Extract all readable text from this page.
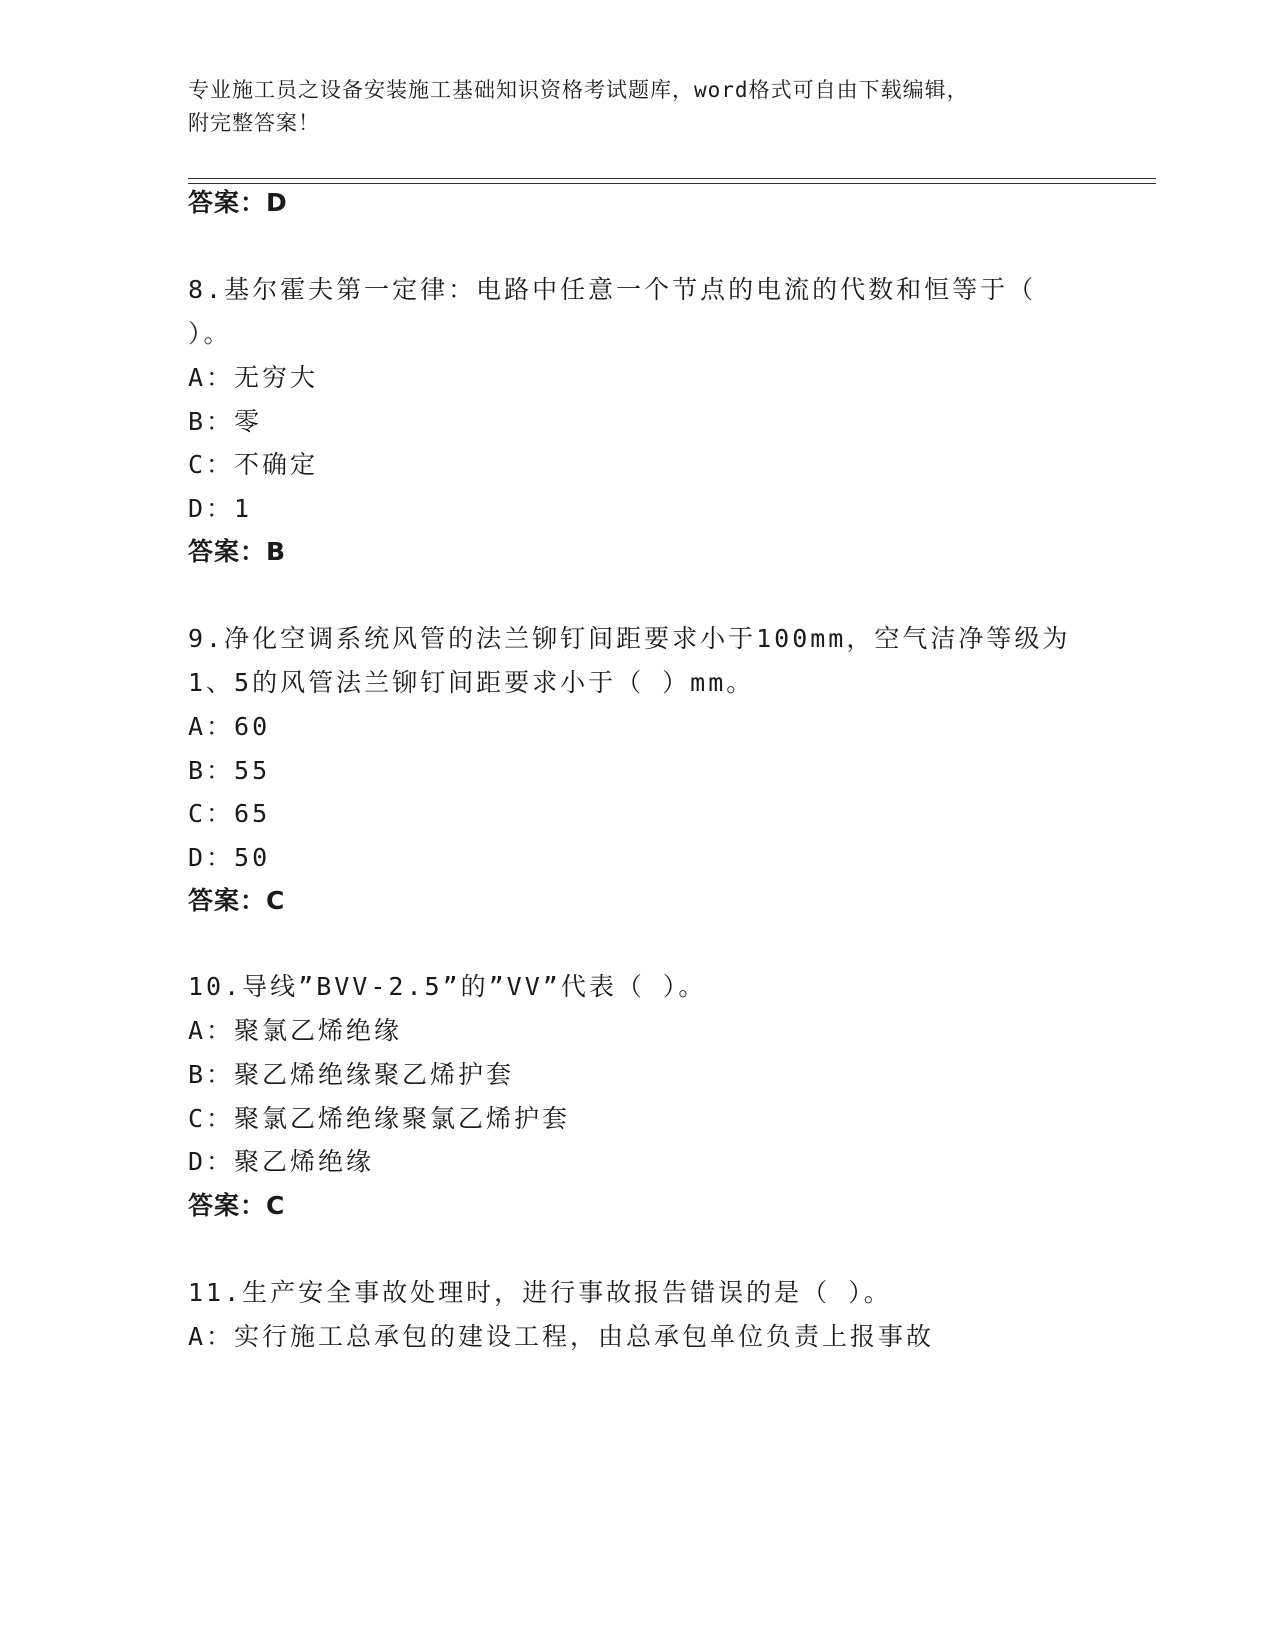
专业施工员之设备安装施工基础知识资格考试题库，word格式可自由下载编辑，
附完整答案！
答案：D
8.基尔霍夫第一定律：电路中任意一个节点的电流的代数和恒等于（
）。
A：无穷大
B：零
C：不确定
D：1
答案：B
9.净化空调系统风管的法兰铆钉间距要求小于100mm，空气洁净等级为
1、5的风管法兰铆钉间距要求小于（ ）mm。
A：60
B：55
C：65
D：50
答案：C
10.导线”BVV-2.5”的”VV”代表（ ）。
A：聚氯乙烯绝缘
B：聚乙烯绝缘聚乙烯护套
C：聚氯乙烯绝缘聚氯乙烯护套
D：聚乙烯绝缘
答案：C
11.生产安全事故处理时，进行事故报告错误的是（ ）。
A：实行施工总承包的建设工程，由总承包单位负责上报事故
